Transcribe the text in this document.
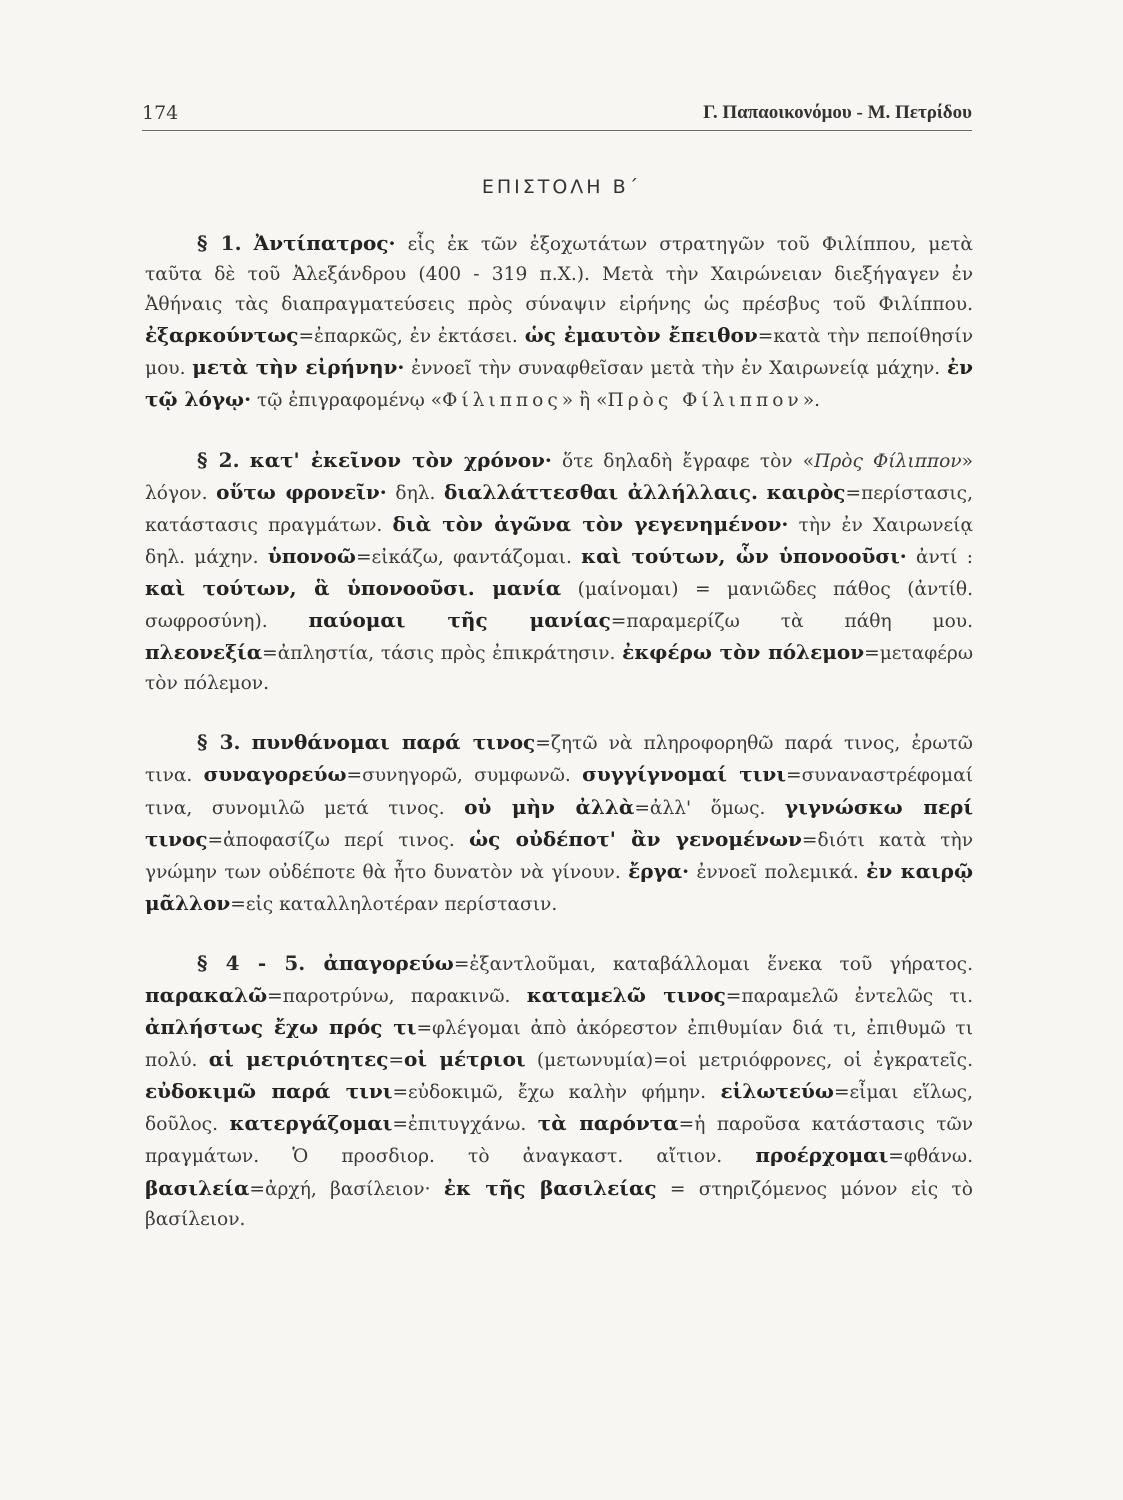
174	Γ. Παπαοικονόμου - Μ. Πετρίδου
ΕΠΙΣΤΟΛΗ Β΄

§ 1. Ἀντίπατρος· εἷς ἐκ τῶν ἐξοχωτάτων στρατηγῶν τοῦ Φιλίππου, μετὰ ταῦτα δὲ τοῦ Ἀλεξάνδρου (400 - 319 π.Χ.). Μετὰ τὴν Χαιρώνειαν διεξήγαγεν ἐν Ἀθήναις τὰς διαπραγματεύσεις πρὸς σύναψιν εἰρήνης ὡς πρέσβυς τοῦ Φιλίππου. ἐξαρκούντως=ἐπαρκῶς, ἐν ἐκτάσει. ὡς ἐμαυτὸν ἔπειθον=κατὰ τὴν πεποίθησίν μου. μετὰ τὴν εἰρήνην· ἐννοεῖ τὴν συναφθεῖσαν μετὰ τὴν ἐν Χαιρωνείᾳ μάχην. ἐν τῷ λόγῳ· τῷ ἐπιγραφομένῳ «Φίλιππος» ἢ «Πρὸς Φίλιππον».

§ 2. κατ' ἐκεῖνον τὸν χρόνον· ὅτε δηλαδὴ ἔγραφε τὸν «Πρὸς Φίλιππον» λόγον. οὕτω φρονεῖν· δηλ. διαλλάττεσθαι ἀλλήλλαις. καιρὸς=περίστασις, κατάστασις πραγμάτων. διὰ τὸν ἀγῶνα τὸν γεγενημένον· τὴν ἐν Χαιρωνείᾳ δηλ. μάχην. ὑπονοῶ=εἰκάζω, φαντάζομαι. καὶ τούτων, ὧν ὑπονοοῦσι· ἀντί : καὶ τούτων, ἃ ὑπονοοῦσι. μανία (μαίνομαι) = μανιῶδες πάθος (ἀντίθ. σωφροσύνη). παύομαι τῆς μανίας=παραμερίζω τὰ πάθη μου. πλεονεξία=ἀπληστία, τάσις πρὸς ἐπικράτησιν. ἐκφέρω τὸν πόλεμον=μεταφέρω τὸν πόλεμον.

§ 3. πυνθάνομαι παρά τινος=ζητῶ νὰ πληροφορηθῶ παρά τινος, ἐρωτῶ τινα. συναγορεύω=συνηγορῶ, συμφωνῶ. συγγίγνομαί τινι=συναναστρέφομαί τινα, συνομιλῶ μετά τινος. οὐ μὴν ἀλλὰ=ἀλλ' ὅμως. γιγνώσκω περί τινος=ἀποφασίζω περί τινος. ὡς οὐδέποτ' ἂν γενομένων=διότι κατὰ τὴν γνώμην των οὐδέποτε θὰ ἦτο δυνατὸν νὰ γίνουν. ἔργα· ἐννοεῖ πολεμικά. ἐν καιρῷ μᾶλλον=εἰς καταλληλοτέραν περίστασιν.

§ 4 - 5. ἀπαγορεύω=ἐξαντλοῦμαι, καταβάλλομαι ἕνεκα τοῦ γήρατος. παρακαλῶ=παροτρύνω, παρακινῶ. καταμελῶ τινος=παραμελῶ ἐντελῶς τι. ἀπλήστως ἔχω πρός τι=φλέγομαι ἀπὸ ἀκόρεστον ἐπιθυμίαν διά τι, ἐπιθυμῶ τι πολύ. αἱ μετριότητες=οἱ μέτριοι (μετωνυμία)=οἱ μετριόφρονες, οἱ ἐγκρατεῖς. εὐδοκιμῶ παρά τινι=εὐδοκιμῶ, ἔχω καλὴν φήμην. εἱλωτεύω=εἶμαι εἵλως, δοῦλος. κατεργάζομαι=ἐπιτυγχάνω. τὰ παρόντα=ἡ παροῦσα κατάστασις τῶν πραγμάτων. Ὁ προσδιορ. τὸ ἀναγκαστ. αἴτιον. προέρχομαι=φθάνω. βασιλεία=ἀρχή, βασίλειον· ἐκ τῆς βασιλείας = στηριζόμενος μόνον εἰς τὸ βασίλειον.
